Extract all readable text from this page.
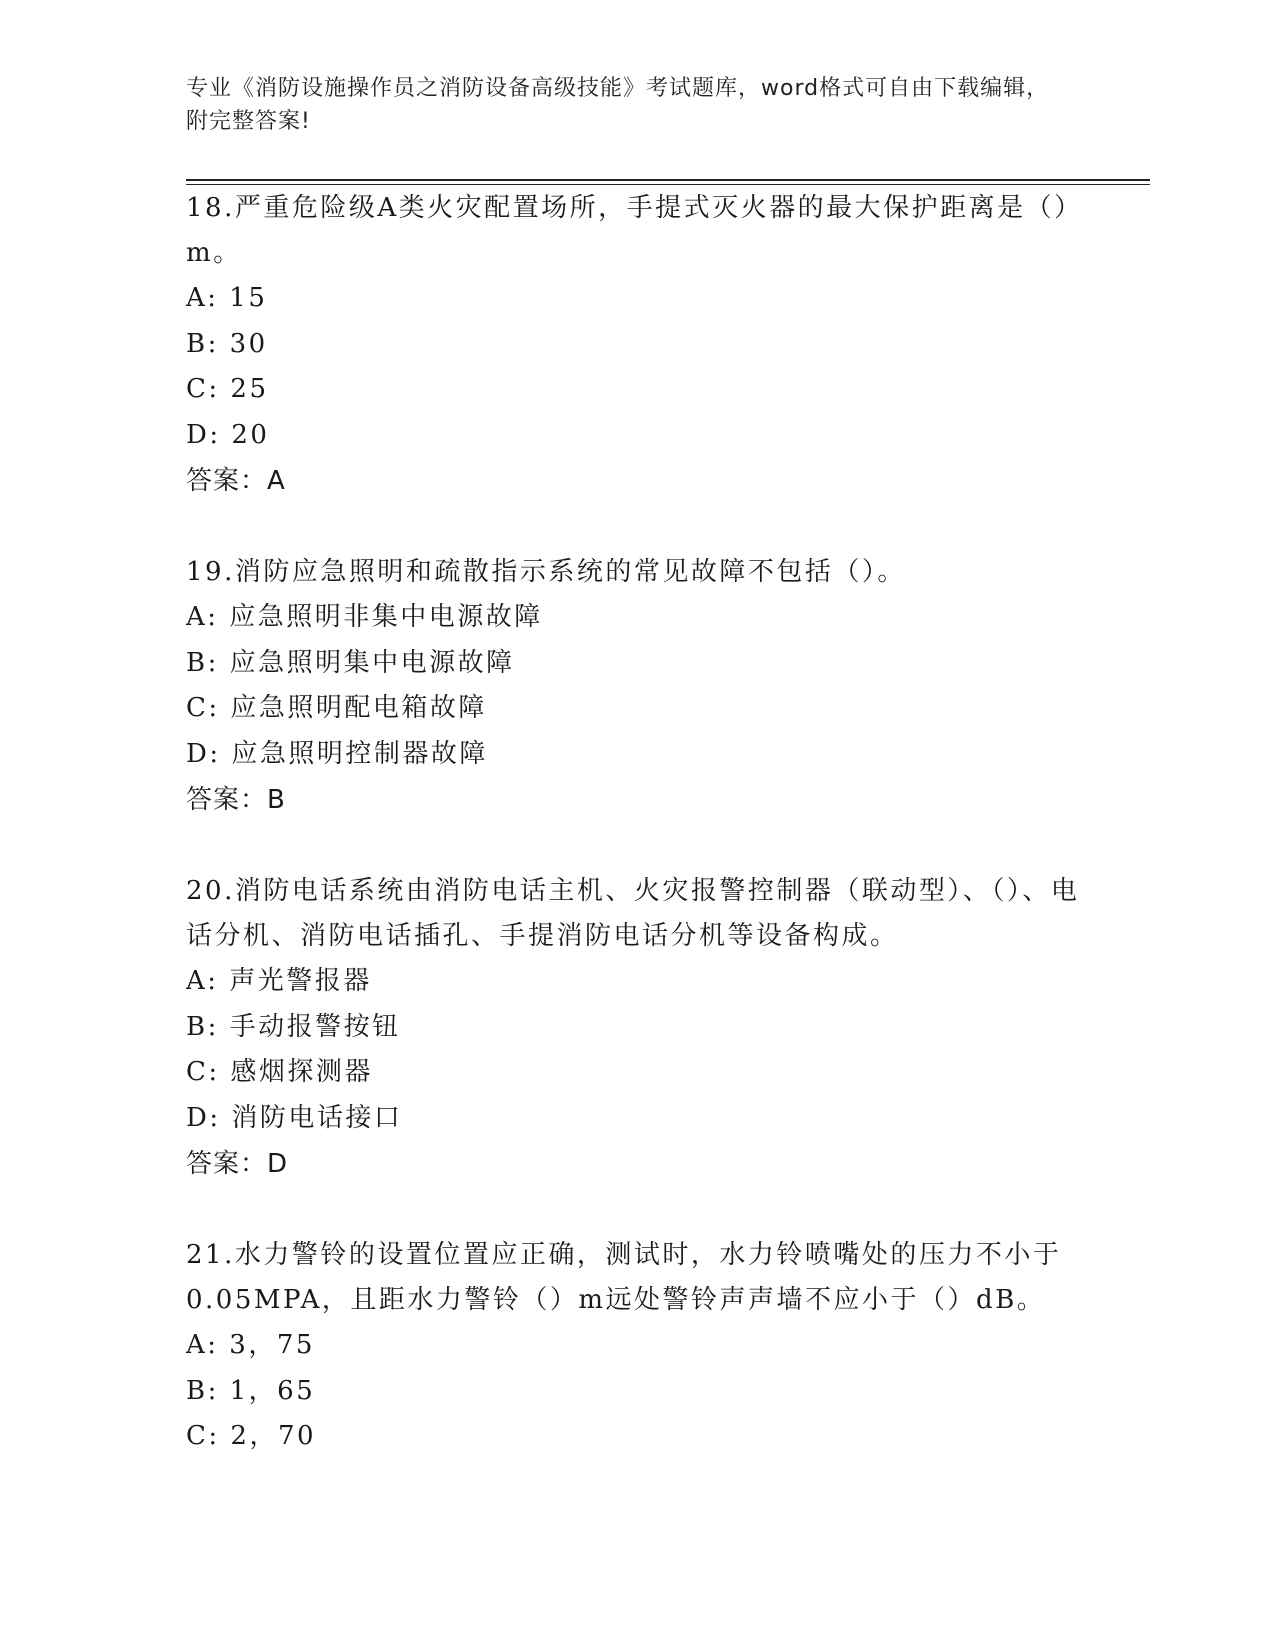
专业《消防设施操作员之消防设备高级技能》考试题库，word格式可自由下载编辑，附完整答案!

18.严重危险级A类火灾配置场所，手提式灭火器的最大保护距离是（）m。

A: 15

B: 30

C: 25

D: 20

答案：A

19.消防应急照明和疏散指示系统的常见故障不包括（）。

A: 应急照明非集中电源故障

B: 应急照明集中电源故障

C: 应急照明配电箱故障

D: 应急照明控制器故障

答案：B

20.消防电话系统由消防电话主机、火灾报警控制器（联动型）、（）、电话分机、消防电话插孔、手提消防电话分机等设备构成。

A: 声光警报器

B: 手动报警按钮

C: 感烟探测器

D: 消防电话接口

答案：D

21.水力警铃的设置位置应正确，测试时，水力铃喷嘴处的压力不小于0.05MPA，且距水力警铃（）m远处警铃声声墙不应小于（）dB。

A: 3，75

B: 1，65

C: 2，70
